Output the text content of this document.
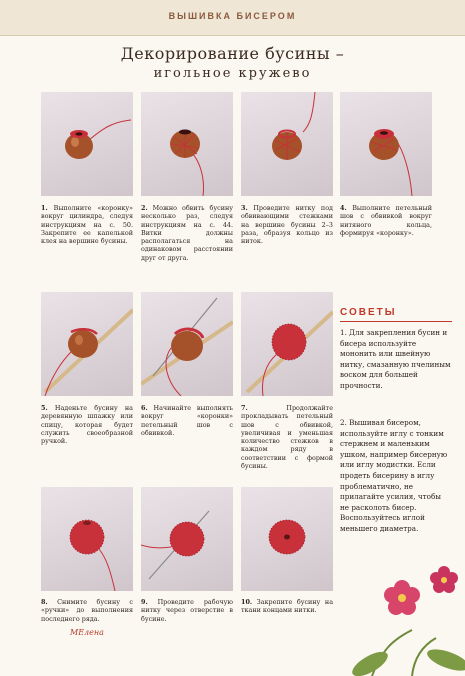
ВЫШИВКА БИСЕРОМ
Декорирование бусины –
игольное кружево
1. Выполните «коронку» вокруг цилиндра, следуя инструкциям на с. 50. Закрепите ее капелькой клея на вершине бусины.
2. Можно обвить бусину несколько раз, следуя инструкциям на с. 44. Витки должны располагаться на одинаковом расстоянии друг от друга.
3. Проведите нитку под обвивающими стежками на вершине бусины 2–3 раза, образуя кольцо из ниток.
4. Выполните петельный шов с обвивкой вокруг нитяного кольца, формируя «коронку».
5. Наденьте бусину на деревянную шпажку или спицу, которая будет служить своеобразной ручкой.
6. Начинайте выполнять вокруг «коронки» петельный шов с обвивкой.
7.	Продолжайте прокладывать петельный шов с обвивкой, увеличивая и уменьшая количество стежков в каждом ряду в соответствии с формой бусины.
СОВЕТЫ
1. Для закрепления бусин и бисера используйте мононить или швейную нитку, смазанную пчелиным воском для большей прочности.
2. Вышивая бисером, используйте иглу с тонким стержнем и маленьким ушком, например бисерную или иглу модистки. Если продеть бисерину в иглу проблематично, не прилагайте усилия, чтобы не расколоть бисер. Воспользуйтесь иглой меньшего диаметра.
8. Снимите бусину с «ручки» до выполнения последнего ряда.
9. Проведите рабочую нитку через отверстие в бусине.
10. Закрепите бусину на ткани концами нитки.
МЕлена
